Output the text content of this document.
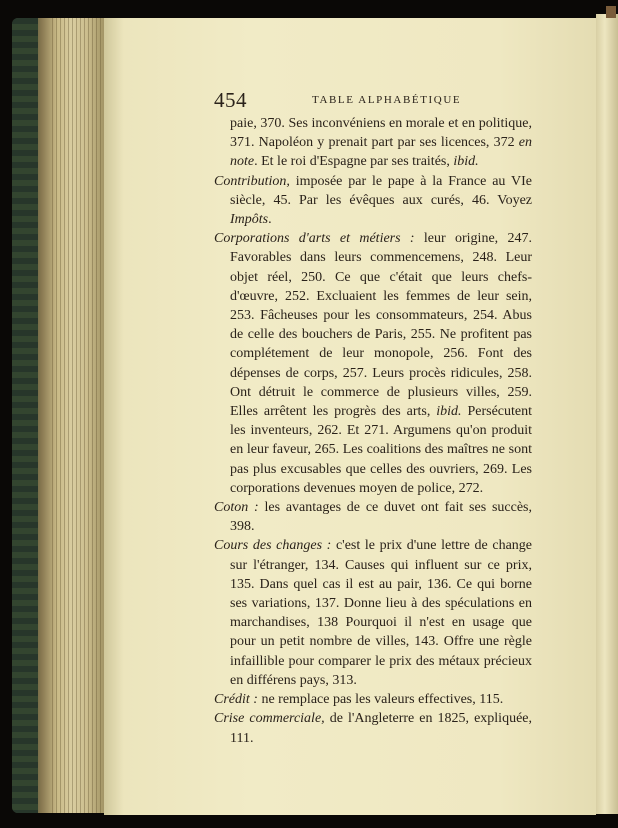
454	TABLE ALPHABÉTIQUE

paie, 370. Ses inconvéniens en morale et en politique, 371. Napoléon y prenait part par ses licences, 372 en note. Et le roi d'Espagne par ses traités, ibid.

Contribution, imposée par le pape à la France au VIe siècle, 45. Par les évêques aux curés, 46. Voyez Impôts.

Corporations d'arts et métiers : leur origine, 247. Favorables dans leurs commencemens, 248. Leur objet réel, 250. Ce que c'était que leurs chefs-d'œuvre, 252. Excluaient les femmes de leur sein, 253. Fâcheuses pour les consommateurs, 254. Abus de celle des bouchers de Paris, 255. Ne profitent pas complétement de leur monopole, 256. Font des dépenses de corps, 257. Leurs procès ridicules, 258. Ont détruit le commerce de plusieurs villes, 259. Elles arrêtent les progrès des arts, ibid. Persécutent les inventeurs, 262. Et 271. Argumens qu'on produit en leur faveur, 265. Les coalitions des maîtres ne sont pas plus excusables que celles des ouvriers, 269. Les corporations devenues moyen de police, 272.

Coton : les avantages de ce duvet ont fait ses succès, 398.

Cours des changes : c'est le prix d'une lettre de change sur l'étranger, 134. Causes qui influent sur ce prix, 135. Dans quel cas il est au pair, 136. Ce qui borne ses variations, 137. Donne lieu à des spéculations en marchandises, 138 Pourquoi il n'est en usage que pour un petit nombre de villes, 143. Offre une règle infaillible pour comparer le prix des métaux précieux en différens pays, 313.

Crédit : ne remplace pas les valeurs effectives, 115.

Crise commerciale, de l'Angleterre en 1825, expliquée, 111.
